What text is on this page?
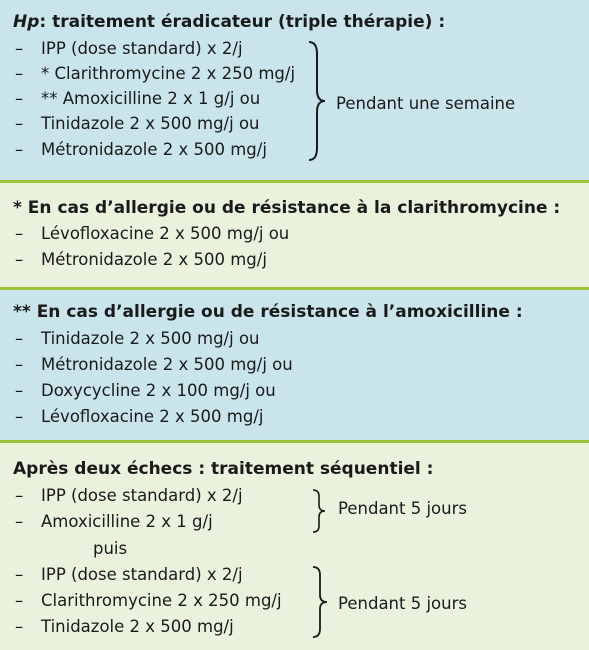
Hp: traitement éradicateur (triple thérapie) :
– IPP (dose standard) x 2/j
– * Clarithromycine 2 x 250 mg/j
– ** Amoxicilline 2 x 1 g/j ou
– Tinidazole 2 x 500 mg/j ou
– Métronidazole 2 x 500 mg/j
Pendant une semaine
* En cas d’allergie ou de résistance à la clarithromycine :
– Lévofloxacine 2 x 500 mg/j ou
– Métronidazole 2 x 500 mg/j
** En cas d’allergie ou de résistance à l’amoxicilline :
– Tinidazole 2 x 500 mg/j ou
– Métronidazole 2 x 500 mg/j ou
– Doxycycline 2 x 100 mg/j ou
– Lévofloxacine 2 x 500 mg/j
Après deux échecs : traitement séquentiel :
– IPP (dose standard) x 2/j
– Amoxicilline 2 x 1 g/j
Pendant 5 jours
puis
– IPP (dose standard) x 2/j
– Clarithromycine 2 x 250 mg/j
– Tinidazole 2 x 500 mg/j
Pendant 5 jours
